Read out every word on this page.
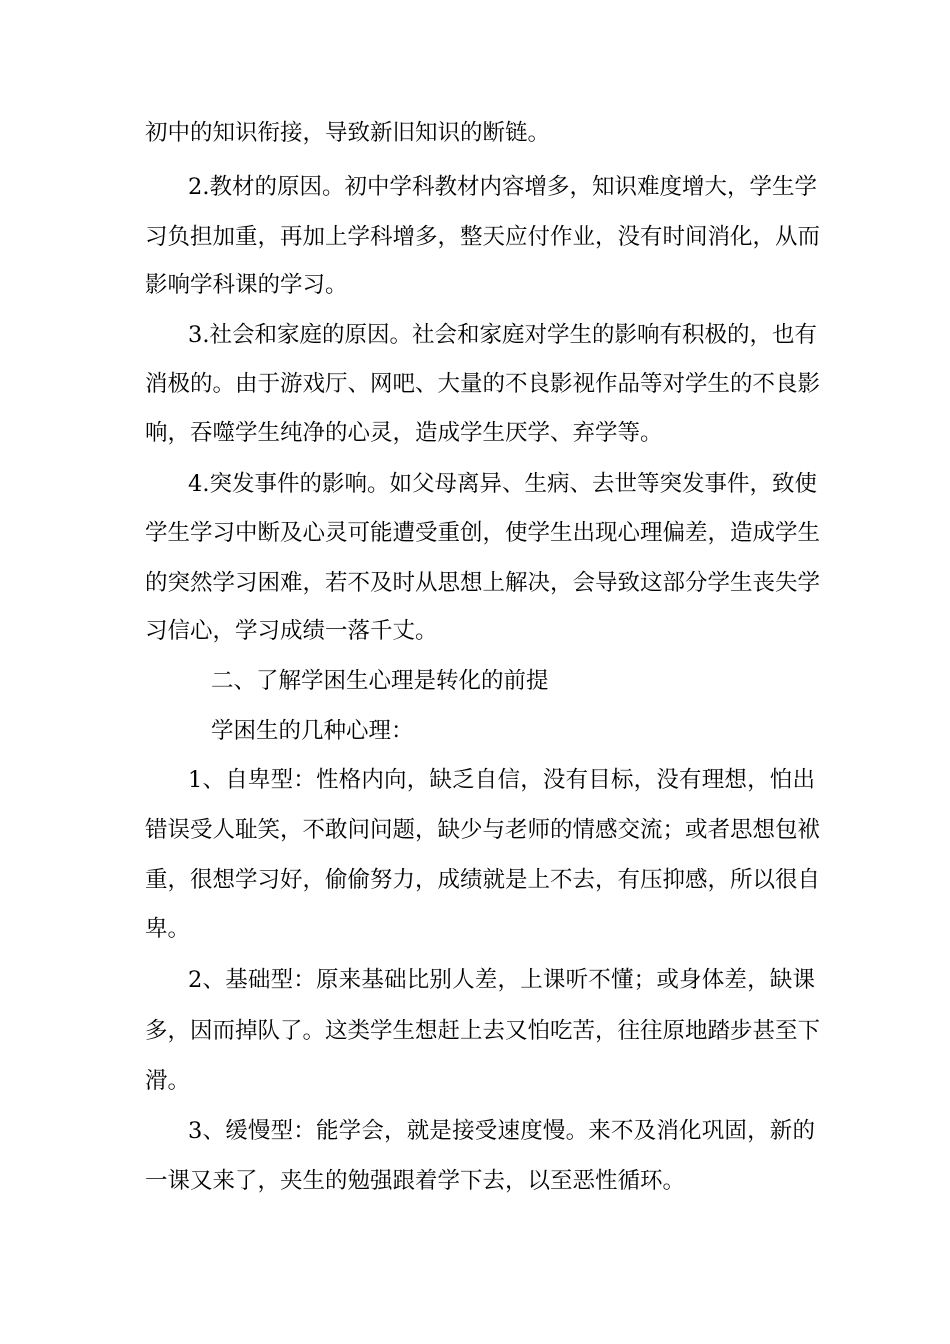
初中的知识衔接，导致新旧知识的断链。
2.教材的原因。初中学科教材内容增多，知识难度增大，学生学
习负担加重，再加上学科增多，整天应付作业，没有时间消化，从而
影响学科课的学习。
3.社会和家庭的原因。社会和家庭对学生的影响有积极的，也有
消极的。由于游戏厅、网吧、大量的不良影视作品等对学生的不良影
响，吞噬学生纯净的心灵，造成学生厌学、弃学等。
4.突发事件的影响。如父母离异、生病、去世等突发事件，致使
学生学习中断及心灵可能遭受重创，使学生出现心理偏差，造成学生
的突然学习困难，若不及时从思想上解决，会导致这部分学生丧失学
习信心，学习成绩一落千丈。
二、了解学困生心理是转化的前提
学困生的几种心理：
1、自卑型：性格内向，缺乏自信，没有目标，没有理想，怕出
错误受人耻笑，不敢问问题，缺少与老师的情感交流；或者思想包袱
重，很想学习好，偷偷努力，成绩就是上不去，有压抑感，所以很自
卑。
2、基础型：原来基础比别人差，上课听不懂；或身体差，缺课
多，因而掉队了。这类学生想赶上去又怕吃苦，往往原地踏步甚至下
滑。
3、缓慢型：能学会，就是接受速度慢。来不及消化巩固，新的
一课又来了，夹生的勉强跟着学下去，以至恶性循环。
